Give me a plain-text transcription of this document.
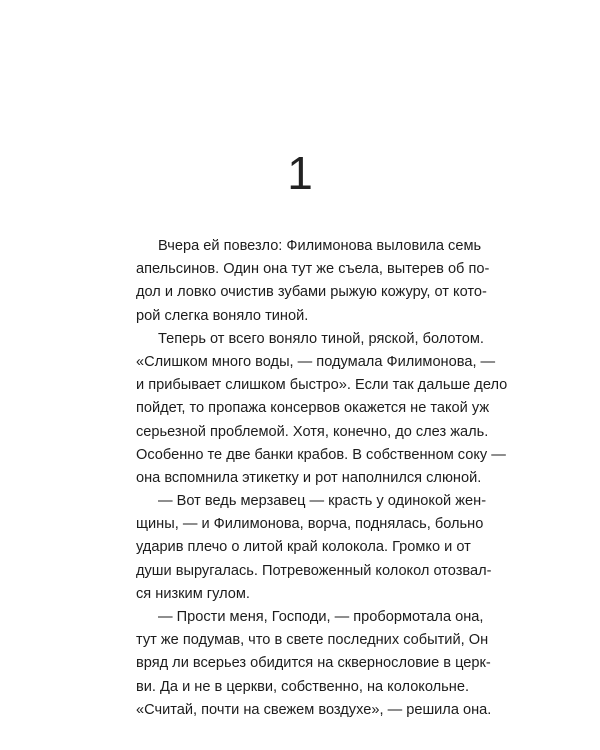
1
Вчера ей повезло: Филимонова выловила семь
апельсинов. Один она тут же съела, вытерев об по-
дол и ловко очистив зубами рыжую кожуру, от кото-
рой слегка воняло тиной.
Теперь от всего воняло тиной, ряской, болотом.
«Слишком много воды, — подумала Филимонова, —
и прибывает слишком быстро». Если так дальше дело
пойдет, то пропажа консервов окажется не такой уж
серьезной проблемой. Хотя, конечно, до слез жаль.
Особенно те две банки крабов. В собственном соку —
она вспомнила этикетку и рот наполнился слюной.
— Вот ведь мерзавец — красть у одинокой жен-
щины, — и Филимонова, ворча, поднялась, больно
ударив плечо о литой край колокола. Громко и от
души выругалась. Потревоженный колокол отозвал-
ся низким гулом.
— Прости меня, Господи, — пробормотала она,
тут же подумав, что в свете последних событий, Он
вряд ли всерьез обидится на сквернословие в церк-
ви. Да и не в церкви, собственно, на колокольне.
«Считай, почти на свежем воздухе», — решила она.
